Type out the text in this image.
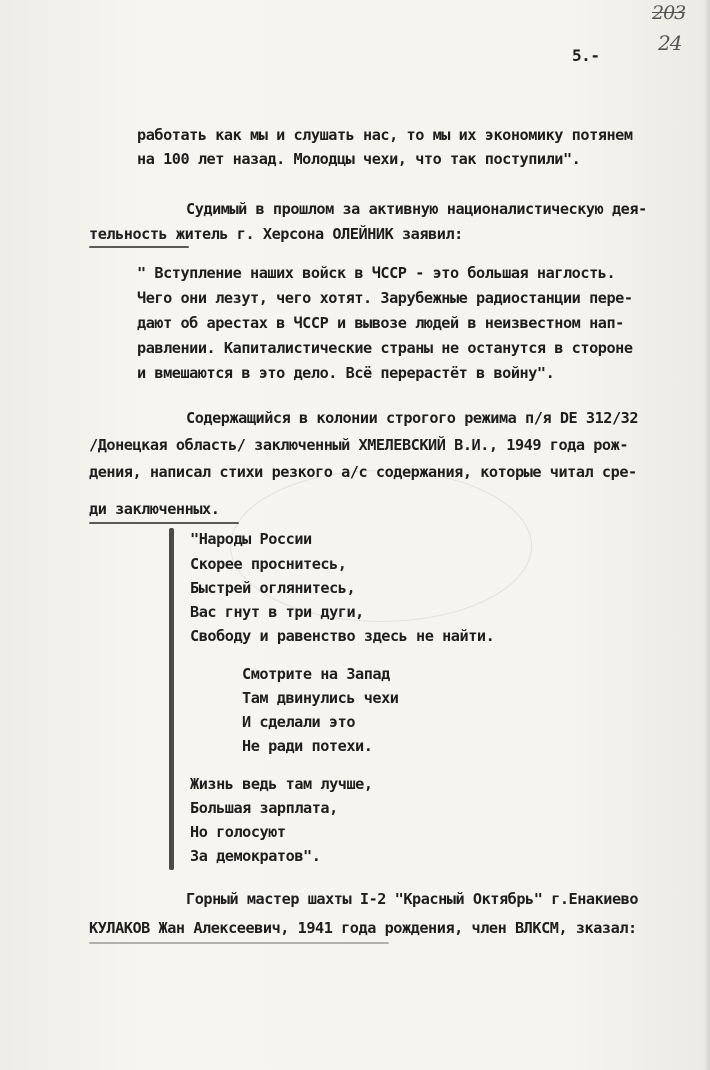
203
24
5.-
работать как мы и слушать нас, то мы их экономику потянем
на 100 лет назад. Молодцы чехи, что так поступили".
Судимый в прошлом за активную националистическую дея-
тельность житель г. Херсона ОЛЕЙНИК заявил:
" Вступление наших войск в ЧССР - это большая наглость.
Чего они лезут, чего хотят. Зарубежные радиостанции пере-
дают об арестах в ЧССР и вывозе людей в неизвестном нап-
равлении. Капиталистические страны не останутся в стороне
и вмешаются в это дело. Всё перерастёт в войну".
Содержащийся в колонии строгого режима п/я DE 312/32
/Донецкая область/ заключенный ХМЕЛЕВСКИЙ В.И., 1949 года рож-
дения, написал стихи резкого а/с содержания, которые читал сре-
ди заключенных.
"Народы России
Скорее проснитесь,
Быстрей оглянитесь,
Вас гнут в три дуги,
Свободу и равенство здесь не найти.
Смотрите на Запад
Там двинулись чехи
И сделали это
Не ради потехи.
Жизнь ведь там лучше,
Большая зарплата,
Но голосуют
За демократов".
Горный мастер шахты I-2 "Красный Октябрь" г.Енакиево
КУЛАКОВ Жан Алексеевич, 1941 года рождения, член ВЛКСМ, зказал:
